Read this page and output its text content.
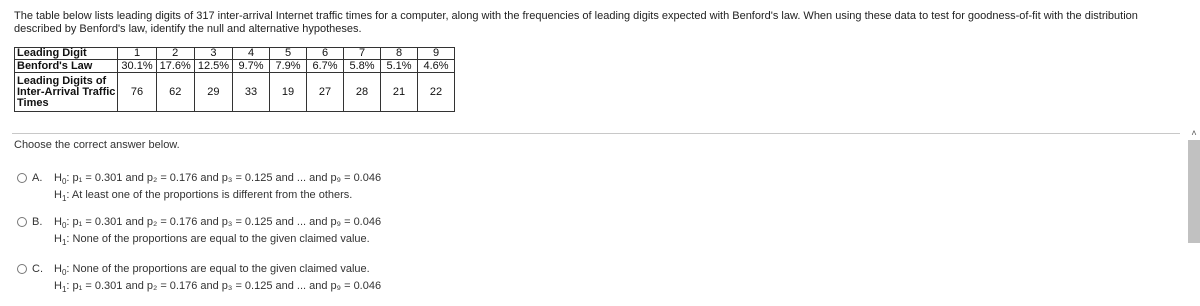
The table below lists leading digits of 317 inter-arrival Internet traffic times for a computer, along with the frequencies of leading digits expected with Benford's law. When using these data to test for goodness-of-fit with the distribution described by Benford's law, identify the null and alternative hypotheses.
Leading Digit	1	2	3	4	5	6	7	8	9
Benford's Law	30.1%	17.6%	12.5%	9.7%	7.9%	6.7%	5.8%	5.1%	4.6%

Leading Digits of
Inter-Arrival Traffic
Times	76	62	29	33	19	27	28	21	22
Choose the correct answer below.
A. $H_0$: p₁ = 0.301 and p₂ = 0.176 and p₃ = 0.125 and ... and p₉ = 0.046
$H_1$: At least one of the proportions is different from the others.
B. $H_0$: p₁ = 0.301 and p₂ = 0.176 and p₃ = 0.125 and ... and p₉ = 0.046
$H_1$: None of the proportions are equal to the given claimed value.
C. $H_0$: None of the proportions are equal to the given claimed value.
$H_1$: p₁ = 0.301 and p₂ = 0.176 and p₃ = 0.125 and ... and p₉ = 0.046
˄
